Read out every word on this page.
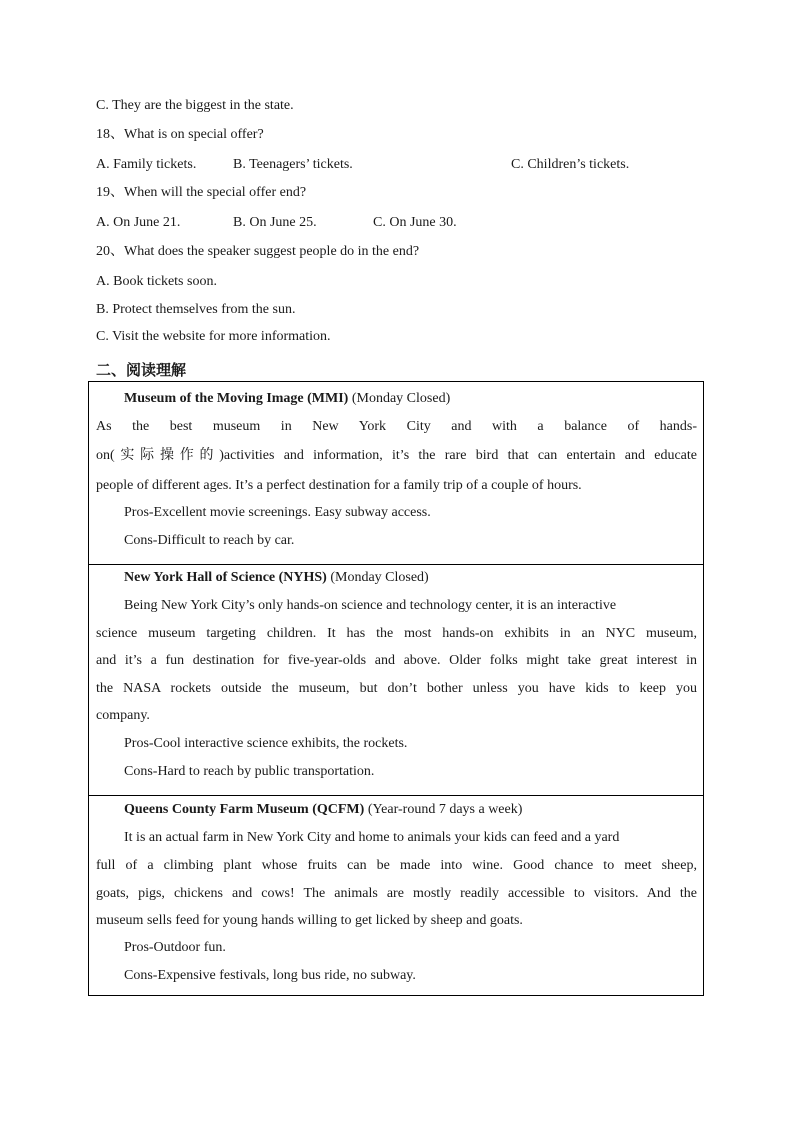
C. They are the biggest in the state.
18、What is on special offer?
A. Family tickets.	B. Teenagers’ tickets.	C. Children’s tickets.
19、When will the special offer end?
A. On June 21.	B. On June 25.	C. On June 30.
20、What does the speaker suggest people do in the end?
A. Book tickets soon.
B. Protect themselves from the sun.
C. Visit the website for more information.
二、阅读理解
Museum of the Moving Image (MMI) (Monday Closed)
As the best museum in New York City and with a balance of hands-
on(实际操作的)activities and information, it’s the rare bird that can entertain and educate
people of different ages. It’s a perfect destination for a family trip of a couple of hours.
Pros-Excellent movie screenings. Easy subway access.
Cons-Difficult to reach by car.
New York Hall of Science (NYHS) (Monday Closed)
Being New York City’s only hands-on science and technology center, it is an interactive
science museum targeting children. It has the most hands-on exhibits in an NYC museum,
and it’s a fun destination for five-year-olds and above. Older folks might take great interest in
the NASA rockets outside the museum, but don’t bother unless you have kids to keep you
company.
Pros-Cool interactive science exhibits, the rockets.
Cons-Hard to reach by public transportation.
Queens County Farm Museum (QCFM) (Year-round 7 days a week)
It is an actual farm in New York City and home to animals your kids can feed and a yard
full of a climbing plant whose fruits can be made into wine. Good chance to meet sheep,
goats, pigs, chickens and cows! The animals are mostly readily accessible to visitors. And the
museum sells feed for young hands willing to get licked by sheep and goats.
Pros-Outdoor fun.
Cons-Expensive festivals, long bus ride, no subway.
